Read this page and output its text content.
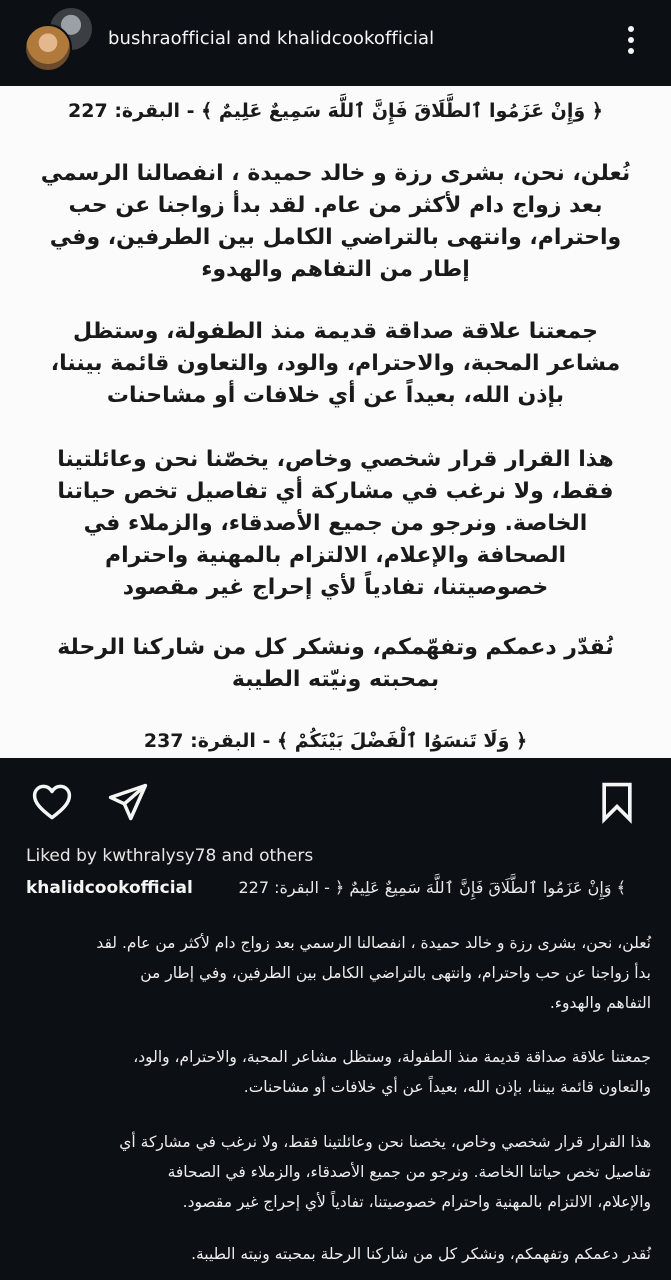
bushraofficial and khalidcookofficial
﴿ وَإِنْ عَزَمُوا ٱلطَّلَاقَ فَإِنَّ ٱللَّهَ سَمِيعٌ عَلِيمٌ ﴾ - البقرة: 227
نُعلن، نحن، بشرى رزة و خالد حميدة ، انفصالنا الرسمي
بعد زواج دام لأكثر من عام. لقد بدأ زواجنا عن حب
واحترام، وانتهى بالتراضي الكامل بين الطرفين، وفي
إطار من التفاهم والهدوء
جمعتنا علاقة صداقة قديمة منذ الطفولة، وستظل
مشاعر المحبة، والاحترام، والود، والتعاون قائمة بيننا،
بإذن الله، بعيداً عن أي خلافات أو مشاحنات
هذا القرار قرار شخصي وخاص، يخصّنا نحن وعائلتينا
فقط، ولا نرغب في مشاركة أي تفاصيل تخص حياتنا
الخاصة. ونرجو من جميع الأصدقاء، والزملاء في
الصحافة والإعلام، الالتزام بالمهنية واحترام
خصوصيتنا، تفادياً لأي إحراج غير مقصود
نُقدّر دعمكم وتفهّمكم، ونشكر كل من شاركنا الرحلة
بمحبته ونيّته الطيبة
﴿ وَلَا تَنسَوُا ٱلْفَضْلَ بَيْنَكُمْ ﴾ - البقرة: 237
Liked by kwthralysy78 and others
khalidcookofficial	﴾ وَإِنْ عَزَمُوا ٱلطَّلَاقَ فَإِنَّ ٱللَّهَ سَمِيعٌ عَلِيمٌ ﴿ - البقرة: 227
نُعلن، نحن، بشرى رزة و خالد حميدة ، انفصالنا الرسمي بعد زواج دام لأكثر من عام. لقد
بدأ زواجنا عن حب واحترام، وانتهى بالتراضي الكامل بين الطرفين، وفي إطار من
التفاهم والهدوء.
جمعتنا علاقة صداقة قديمة منذ الطفولة، وستظل مشاعر المحبة، والاحترام، والود،
والتعاون قائمة بيننا، بإذن الله، بعيداً عن أي خلافات أو مشاحنات.
هذا القرار قرار شخصي وخاص، يخصنا نحن وعائلتينا فقط، ولا نرغب في مشاركة أي
تفاصيل تخص حياتنا الخاصة. ونرجو من جميع الأصدقاء، والزملاء في الصحافة
والإعلام، الالتزام بالمهنية واحترام خصوصيتنا، تفادياً لأي إحراج غير مقصود.
نُقدر دعمكم وتفهمكم، ونشكر كل من شاركنا الرحلة بمحبته ونيته الطيبة.
